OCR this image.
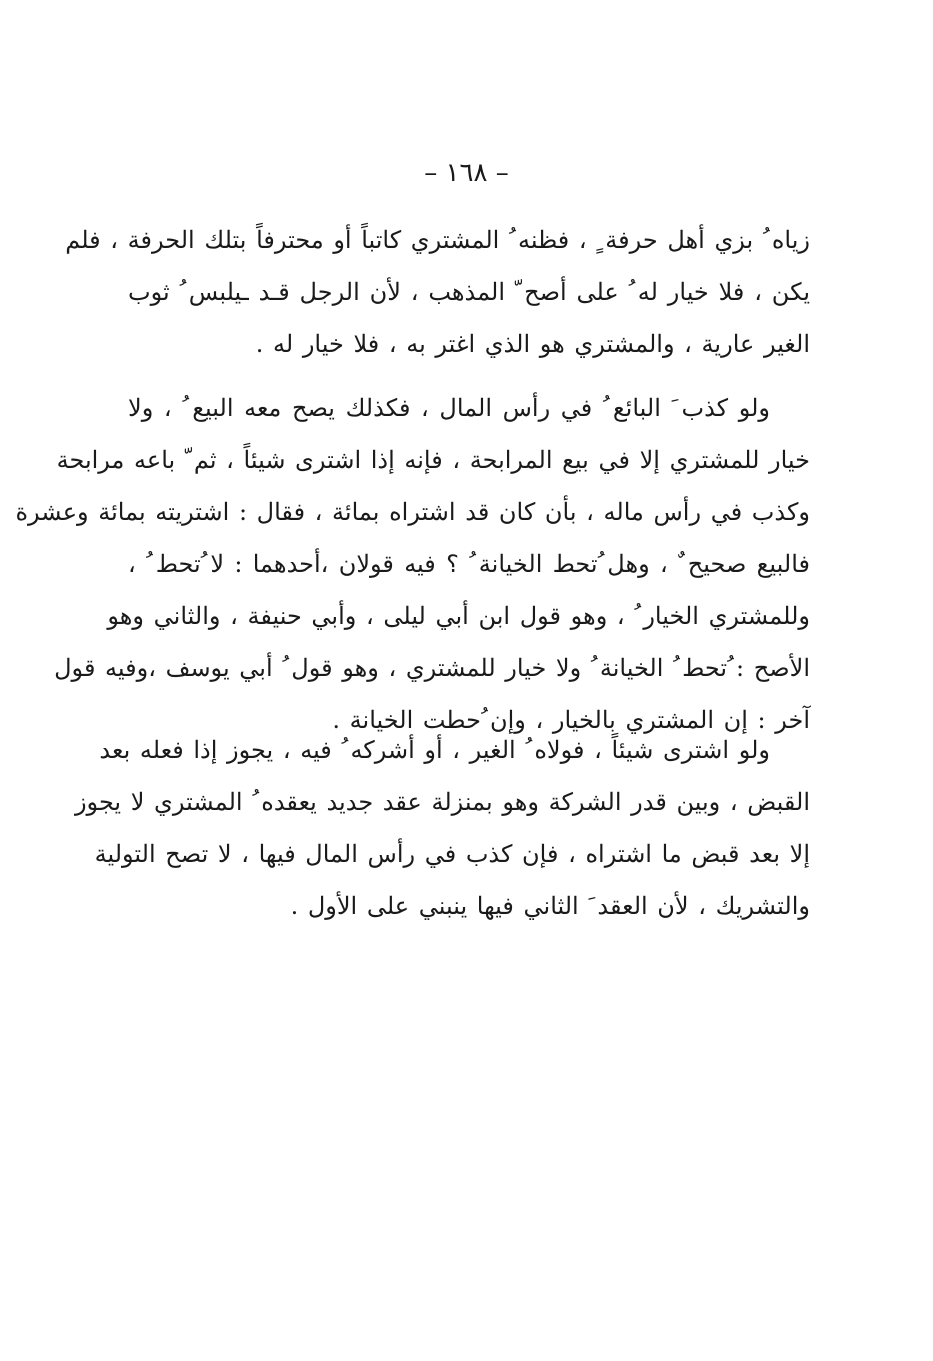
– ١٦٨ –
زياه ُ بزي أهل حرفة ٍ ، فظنه ُ المشتري كاتباً أو محترفاً بتلك الحرفة ، فلم
يكن ، فلا خيار له ُ على أصح ّ المذهب ، لأن الرجل قـد ـيلبس ُ ثوب
الغير عارية ، والمشتري هو الذي اغتر به ، فلا خيار له .
ولو كذب َ البائع ُ في رأس المال ، فكذلك يصح معه البيع ُ ، ولا
خيار للمشتري إلا في بيع المرابحة ، فإنه إذا اشترى شيئاً ، ثم ّ باعه مرابحة
وكذب في رأس ماله ، بأن كان قد اشتراه بمائة ، فقال : اشتريته بمائة وعشرة
فالبيع صحيح ٌ ، وهل ُتحط الخيانة ُ ؟ فيه قولان ،أحدهما : لا ُتحط ُ ،
وللمشتري الخيار ُ ، وهو قول ابن أبي ليلى ، وأبي حنيفة ، والثاني وهو
الأصح : ُتحط ُ الخيانة ُ ولا خيار للمشتري ، وهو قول ُ أبي يوسف ،وفيه قول
آخر : إن المشتري بالخيار ، وإن ُحطت الخيانة .
ولو اشترى شيئاً ، فولاه ُ الغير ، أو أشركه ُ فيه ، يجوز إذا فعله بعد
القبض ، وبين قدر الشركة وهو بمنزلة عقد جديد يعقده ُ المشتري لا يجوز
إلا بعد قبض ما اشتراه ، فإن كذب في رأس المال فيها ، لا تصح التولية
والتشريك ، لأن العقد َ الثاني فيها ينبني على الأول .
